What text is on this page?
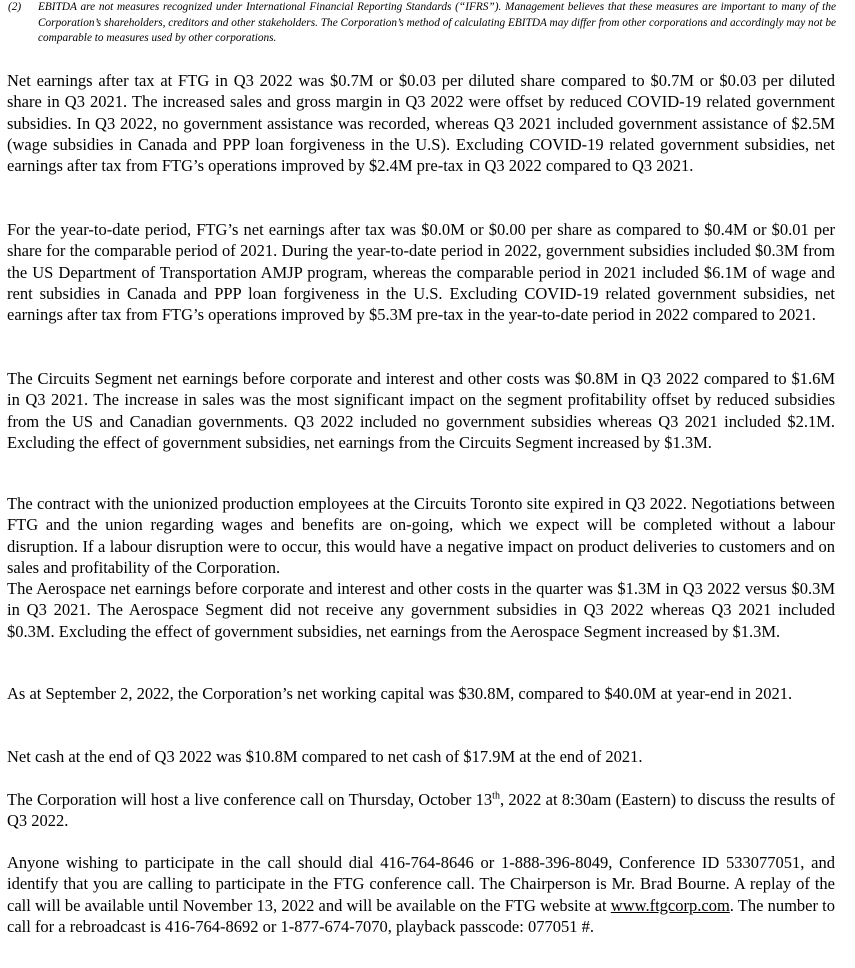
(2)	EBITDA are not measures recognized under International Financial Reporting Standards (“IFRS”). Management believes that these measures are important to many of the Corporation’s shareholders, creditors and other stakeholders. The Corporation’s method of calculating EBITDA may differ from other corporations and accordingly may not be comparable to measures used by other corporations.

Net earnings after tax at FTG in Q3 2022 was $0.7M or $0.03 per diluted share compared to $0.7M or $0.03 per diluted share in Q3 2021. The increased sales and gross margin in Q3 2022 were offset by reduced COVID-19 related government subsidies. In Q3 2022, no government assistance was recorded, whereas Q3 2021 included government assistance of $2.5M (wage subsidies in Canada and PPP loan forgiveness in the U.S). Excluding COVID-19 related government subsidies, net earnings after tax from FTG’s operations improved by $2.4M pre-tax in Q3 2022 compared to Q3 2021.

For the year-to-date period, FTG’s net earnings after tax was $0.0M or $0.00 per share as compared to $0.4M or $0.01 per share for the comparable period of 2021. During the year-to-date period in 2022, government subsidies included $0.3M from the US Department of Transportation AMJP program, whereas the comparable period in 2021 included $6.1M of wage and rent subsidies in Canada and PPP loan forgiveness in the U.S. Excluding COVID-19 related government subsidies, net earnings after tax from FTG’s operations improved by $5.3M pre-tax in the year-to-date period in 2022 compared to 2021.

The Circuits Segment net earnings before corporate and interest and other costs was $0.8M in Q3 2022 compared to $1.6M in Q3 2021. The increase in sales was the most significant impact on the segment profitability offset by reduced subsidies from the US and Canadian governments. Q3 2022 included no government subsidies whereas Q3 2021 included $2.1M. Excluding the effect of government subsidies, net earnings from the Circuits Segment increased by $1.3M.

The contract with the unionized production employees at the Circuits Toronto site expired in Q3 2022. Negotiations between FTG and the union regarding wages and benefits are on-going, which we expect will be completed without a labour disruption. If a labour disruption were to occur, this would have a negative impact on product deliveries to customers and on sales and profitability of the Corporation.

The Aerospace net earnings before corporate and interest and other costs in the quarter was $1.3M in Q3 2022 versus $0.3M in Q3 2021. The Aerospace Segment did not receive any government subsidies in Q3 2022 whereas Q3 2021 included $0.3M. Excluding the effect of government subsidies, net earnings from the Aerospace Segment increased by $1.3M.

As at September 2, 2022, the Corporation’s net working capital was $30.8M, compared to $40.0M at year-end in 2021.

Net cash at the end of Q3 2022 was $10.8M compared to net cash of $17.9M at the end of 2021.

The Corporation will host a live conference call on Thursday, October 13th, 2022 at 8:30am (Eastern) to discuss the results of Q3 2022.

Anyone wishing to participate in the call should dial 416-764-8646 or 1-888-396-8049, Conference ID 533077051, and identify that you are calling to participate in the FTG conference call. The Chairperson is Mr. Brad Bourne. A replay of the call will be available until November 13, 2022 and will be available on the FTG website at www.ftgcorp.com. The number to call for a rebroadcast is 416-764-8692 or 1-877-674-7070, playback passcode: 077051 #.
